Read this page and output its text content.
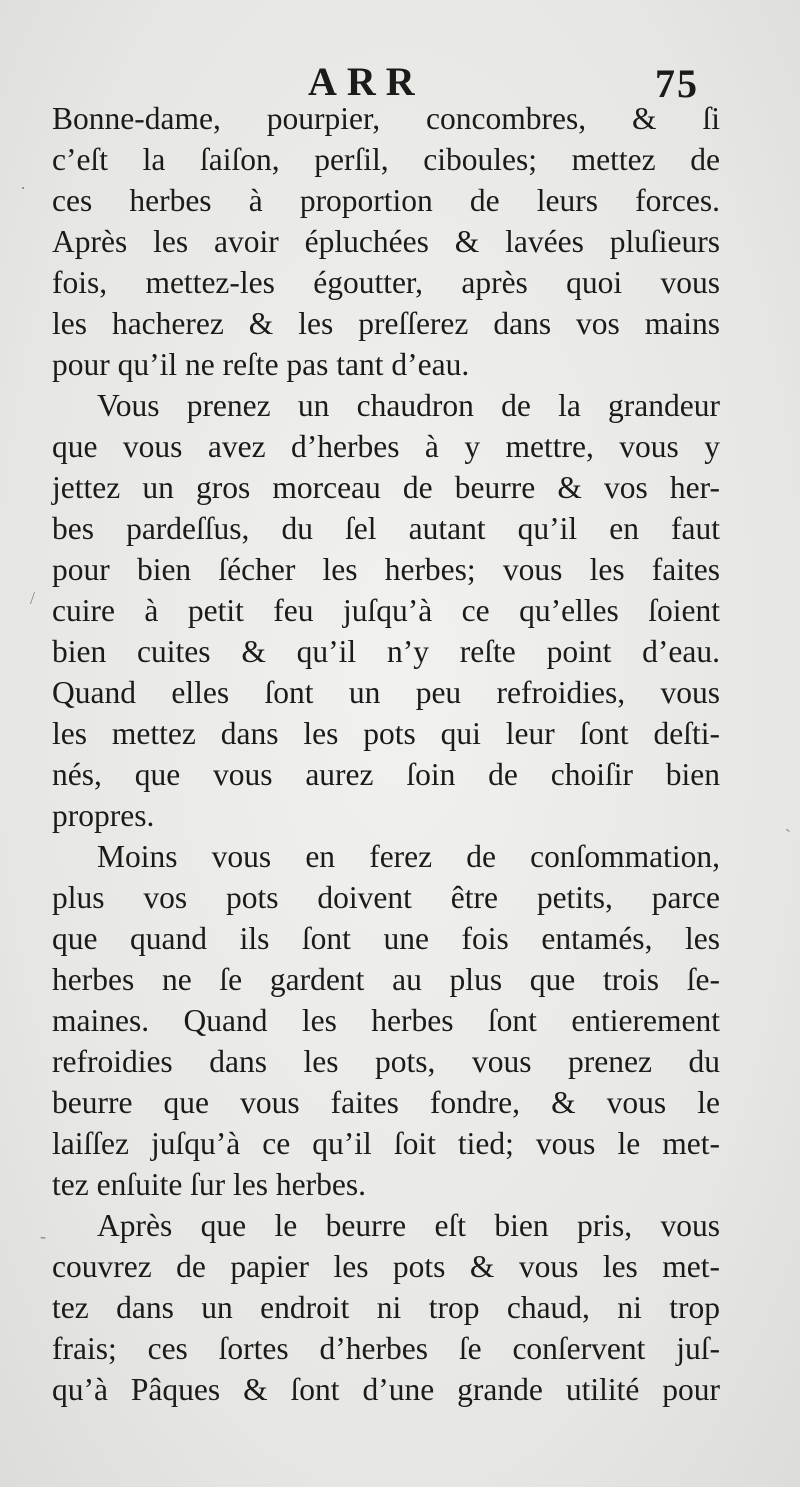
ARR	75
Bonne-dame, pourpier, concombres, & ſi
c’eſt la ſaiſon, perſil, ciboules; mettez de
ces herbes à proportion de leurs forces.
Après les avoir épluchées & lavées pluſieurs
fois, mettez-les égoutter, après quoi vous
les hacherez & les preſſerez dans vos mains
pour qu’il ne reſte pas tant d’eau.
Vous prenez un chaudron de la grandeur
que vous avez d’herbes à y mettre, vous y
jettez un gros morceau de beurre & vos her-
bes pardeſſus, du ſel autant qu’il en faut
pour bien ſécher les herbes; vous les faites
cuire à petit feu juſqu’à ce qu’elles ſoient
bien cuites & qu’il n’y reſte point d’eau.
Quand elles ſont un peu refroidies, vous
les mettez dans les pots qui leur ſont deſti-
nés, que vous aurez ſoin de choiſir bien
propres.
Moins vous en ferez de conſommation,
plus vos pots doivent être petits, parce
que quand ils ſont une fois entamés, les
herbes ne ſe gardent au plus que trois ſe-
maines. Quand les herbes ſont entierement
refroidies dans les pots, vous prenez du
beurre que vous faites fondre, & vous le
laiſſez juſqu’à ce qu’il ſoit tied; vous le met-
tez enſuite ſur les herbes.
Après que le beurre eſt bien pris, vous
couvrez de papier les pots & vous les met-
tez dans un endroit ni trop chaud, ni trop
frais; ces ſortes d’herbes ſe conſervent juſ-
qu’à Pâques & ſont d’une grande utilité pour
·
/
`
-
